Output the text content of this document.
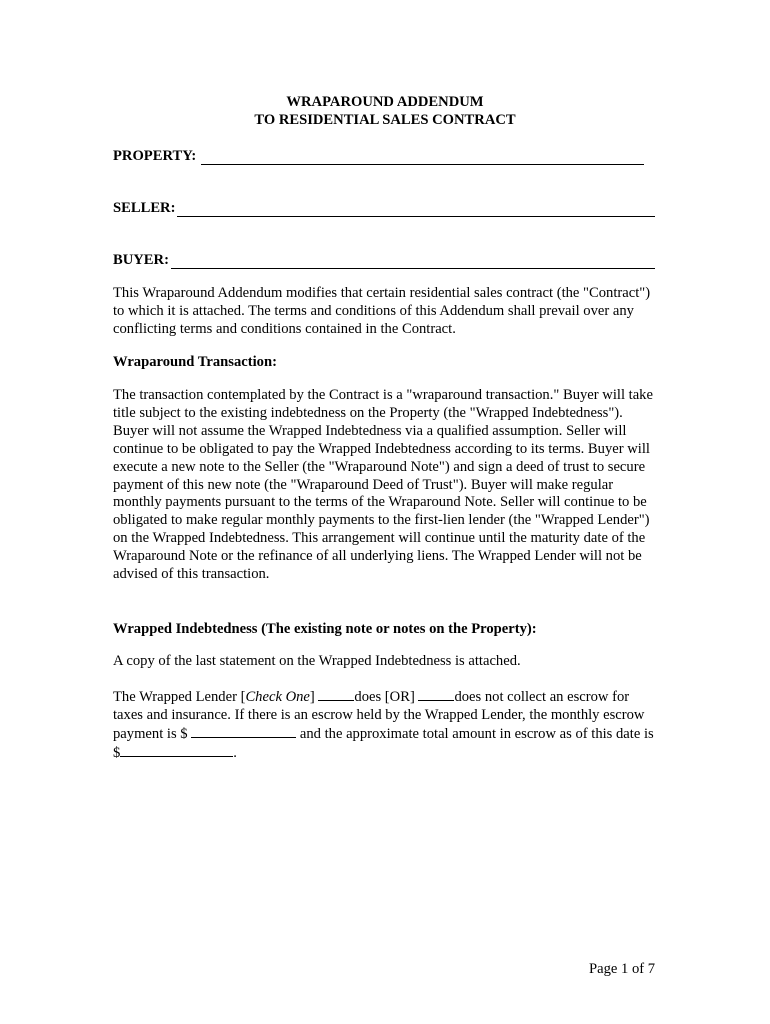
WRAPAROUND ADDENDUM
TO RESIDENTIAL SALES CONTRACT
PROPERTY:
SELLER:
BUYER:

This Wraparound Addendum modifies that certain residential sales contract (the "Contract") to which it is attached. The terms and conditions of this Addendum shall prevail over any conflicting terms and conditions contained in the Contract.

Wraparound Transaction:

The transaction contemplated by the Contract is a "wraparound transaction." Buyer will take title subject to the existing indebtedness on the Property (the "Wrapped Indebtedness"). Buyer will not assume the Wrapped Indebtedness via a qualified assumption. Seller will continue to be obligated to pay the Wrapped Indebtedness according to its terms. Buyer will execute a new note to the Seller (the "Wraparound Note") and sign a deed of trust to secure payment of this new note (the "Wraparound Deed of Trust"). Buyer will make regular monthly payments pursuant to the terms of the Wraparound Note. Seller will continue to be obligated to make regular monthly payments to the first-lien lender (the "Wrapped Lender") on the Wrapped Indebtedness. This arrangement will continue until the maturity date of the Wraparound Note or the refinance of all underlying liens. The Wrapped Lender will not be advised of this transaction.

Wrapped Indebtedness (The existing note or notes on the Property):

A copy of the last statement on the Wrapped Indebtedness is attached.

The Wrapped Lender [Check One] does [OR] does not collect an escrow for taxes and insurance. If there is an escrow held by the Wrapped Lender, the monthly escrow payment is $	and the approximate total amount in escrow as of this date is $	.

Page 1 of 7
